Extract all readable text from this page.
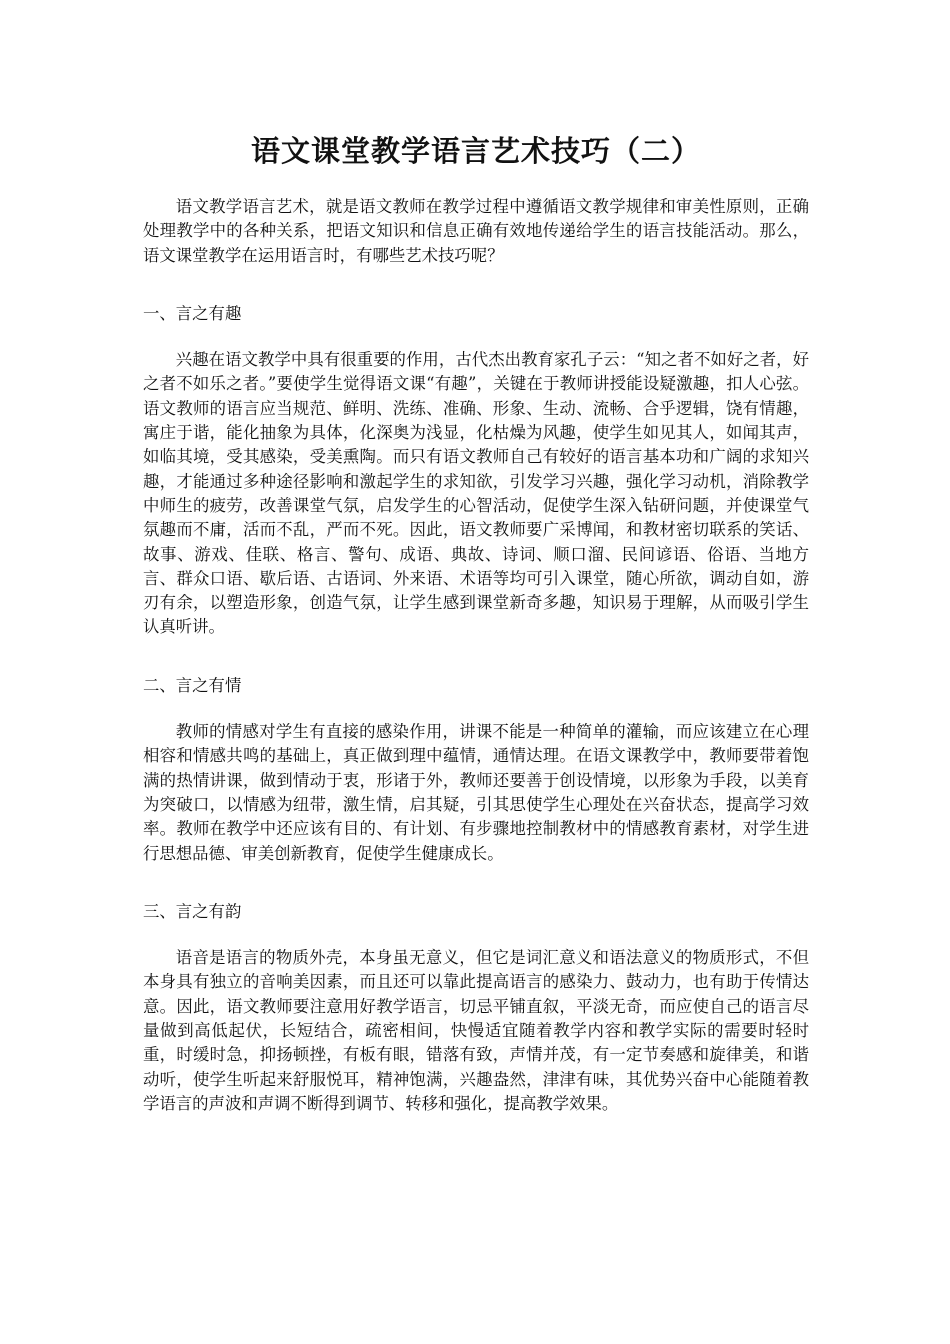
语文课堂教学语言艺术技巧（二）

语文教学语言艺术，就是语文教师在教学过程中遵循语文教学规律和审美性原则，正确处理教学中的各种关系，把语文知识和信息正确有效地传递给学生的语言技能活动。那么，语文课堂教学在运用语言时，有哪些艺术技巧呢？

一、言之有趣

兴趣在语文教学中具有很重要的作用，古代杰出教育家孔子云：“知之者不如好之者，好之者不如乐之者。”要使学生觉得语文课“有趣”，关键在于教师讲授能设疑激趣，扣人心弦。语文教师的语言应当规范、鲜明、洗练、准确、形象、生动、流畅、合乎逻辑，饶有情趣，寓庄于谐，能化抽象为具体，化深奥为浅显，化枯燥为风趣，使学生如见其人，如闻其声，如临其境，受其感染，受美熏陶。而只有语文教师自己有较好的语言基本功和广阔的求知兴趣，才能通过多种途径影响和激起学生的求知欲，引发学习兴趣，强化学习动机，消除教学中师生的疲劳，改善课堂气氛，启发学生的心智活动，促使学生深入钻研问题，并使课堂气氛趣而不庸，活而不乱，严而不死。因此，语文教师要广采博闻，和教材密切联系的笑话、故事、游戏、佳联、格言、警句、成语、典故、诗词、顺口溜、民间谚语、俗语、当地方言、群众口语、歇后语、古语词、外来语、术语等均可引入课堂，随心所欲，调动自如，游刃有余，以塑造形象，创造气氛，让学生感到课堂新奇多趣，知识易于理解，从而吸引学生认真听讲。

二、言之有情

教师的情感对学生有直接的感染作用，讲课不能是一种简单的灌输，而应该建立在心理相容和情感共鸣的基础上，真正做到理中蕴情，通情达理。在语文课教学中，教师要带着饱满的热情讲课，做到情动于衷，形诸于外，教师还要善于创设情境，以形象为手段，以美育为突破口，以情感为纽带，激生情，启其疑，引其思使学生心理处在兴奋状态，提高学习效率。教师在教学中还应该有目的、有计划、有步骤地控制教材中的情感教育素材，对学生进行思想品德、审美创新教育，促使学生健康成长。

三、言之有韵

语音是语言的物质外壳，本身虽无意义，但它是词汇意义和语法意义的物质形式，不但本身具有独立的音响美因素，而且还可以靠此提高语言的感染力、鼓动力，也有助于传情达意。因此，语文教师要注意用好教学语言，切忌平铺直叙，平淡无奇，而应使自己的语言尽量做到高低起伏，长短结合，疏密相间，快慢适宜随着教学内容和教学实际的需要时轻时重，时缓时急，抑扬顿挫，有板有眼，错落有致，声情并茂，有一定节奏感和旋律美，和谐动听，使学生听起来舒服悦耳，精神饱满，兴趣盎然，津津有味，其优势兴奋中心能随着教学语言的声波和声调不断得到调节、转移和强化，提高教学效果。
